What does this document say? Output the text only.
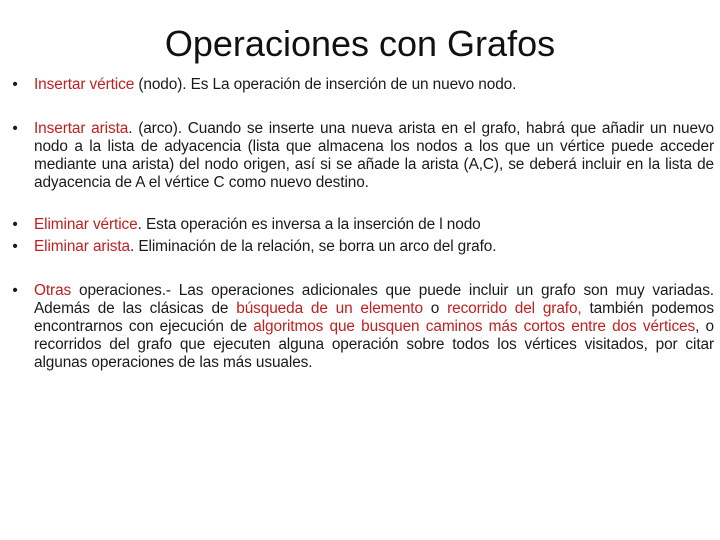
Operaciones con Grafos
• Insertar vértice (nodo). Es La operación de inserción de un nuevo nodo.
• Insertar arista. (arco). Cuando se inserte una nueva arista en el grafo, habrá que añadir un nuevo nodo a la lista de adyacencia (lista que almacena los nodos a los que un vértice puede acceder mediante una arista) del nodo origen, así si se añade la arista (A,C), se deberá incluir en la lista de adyacencia de A el vértice C como nuevo destino.
• Eliminar vértice. Esta operación es inversa a la inserción de l nodo
• Eliminar arista. Eliminación de la relación, se borra un arco del grafo.
• Otras operaciones.- Las operaciones adicionales que puede incluir un grafo son muy variadas. Además de las clásicas de búsqueda de un elemento o recorrido del grafo, también podemos encontrarnos con ejecución de algoritmos que busquen caminos más cortos entre dos vértices, o recorridos del grafo que ejecuten alguna operación sobre todos los vértices visitados, por citar algunas operaciones de las más usuales.
